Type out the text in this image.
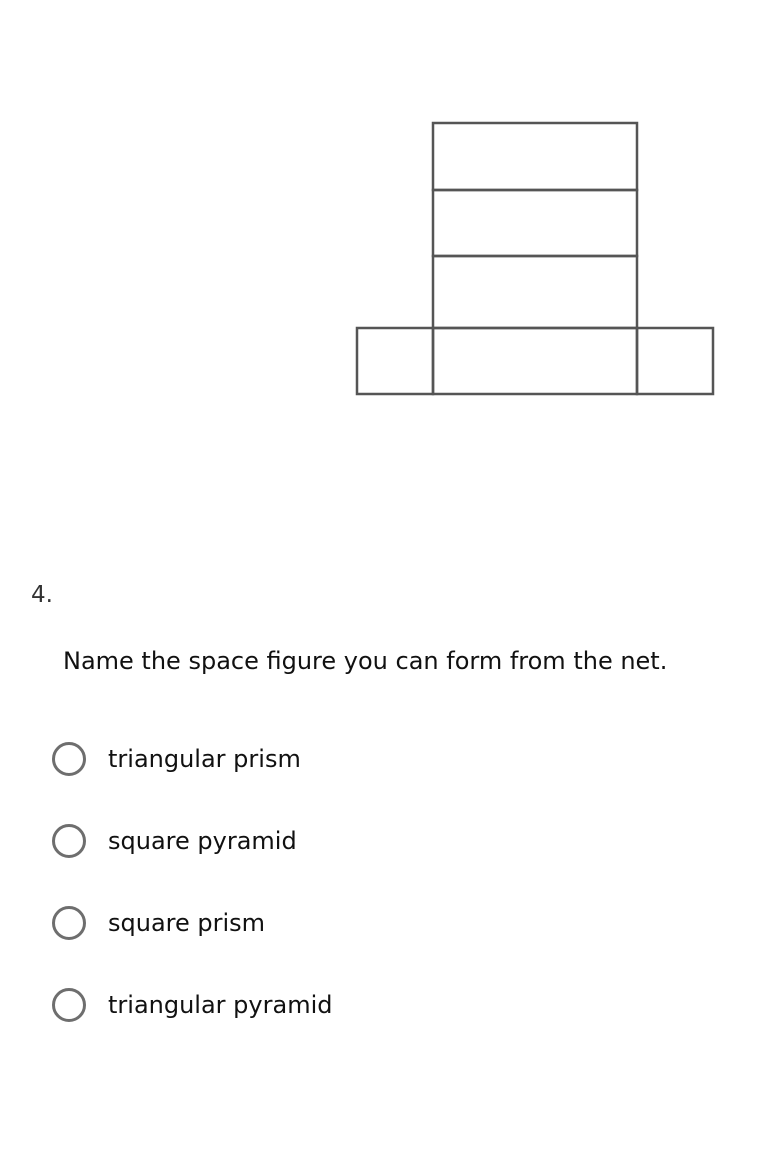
4.
Name the space figure you can form from the net.
triangular prism
square pyramid
square prism
triangular pyramid
